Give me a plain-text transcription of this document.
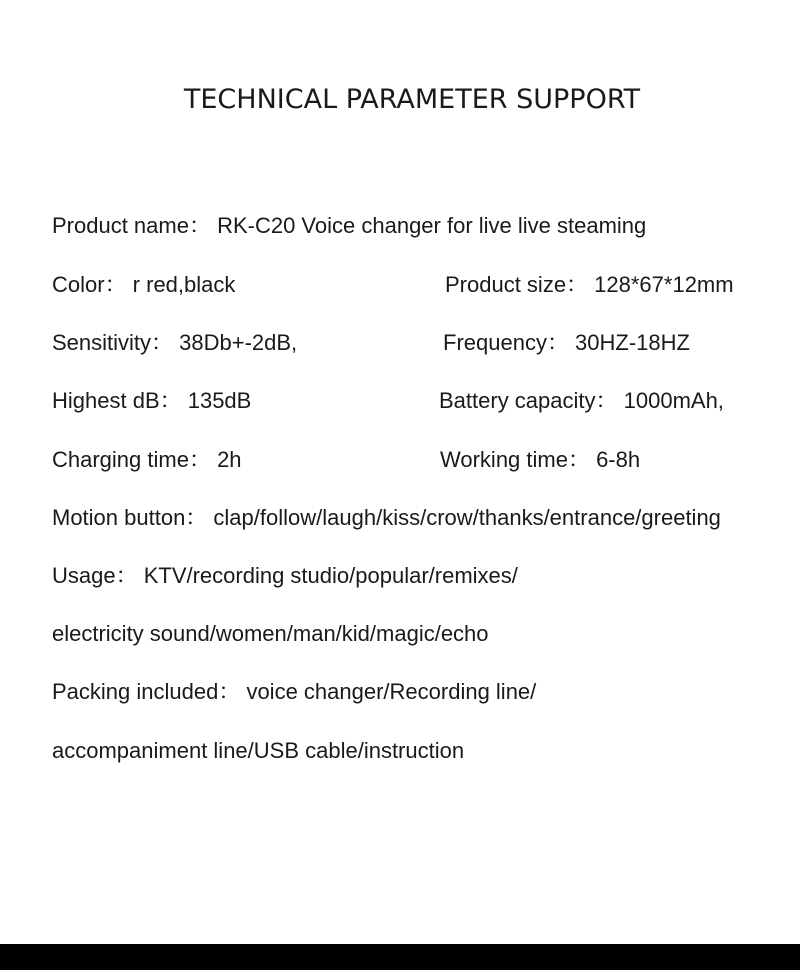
TECHNICAL PARAMETER SUPPORT
Product name： RK-C20 Voice changer for live live steaming
Color： r red,black	Product size： 128*67*12mm
Sensitivity： 38Db+-2dB,	Frequency： 30HZ-18HZ
Highest dB： 135dB	Battery capacity： 1000mAh,
Charging time： 2h	Working time： 6-8h
Motion button： clap/follow/laugh/kiss/crow/thanks/entrance/greeting
Usage： KTV/recording studio/popular/remixes/
electricity sound/women/man/kid/magic/echo
Packing included： voice changer/Recording line/
accompaniment line/USB cable/instruction
